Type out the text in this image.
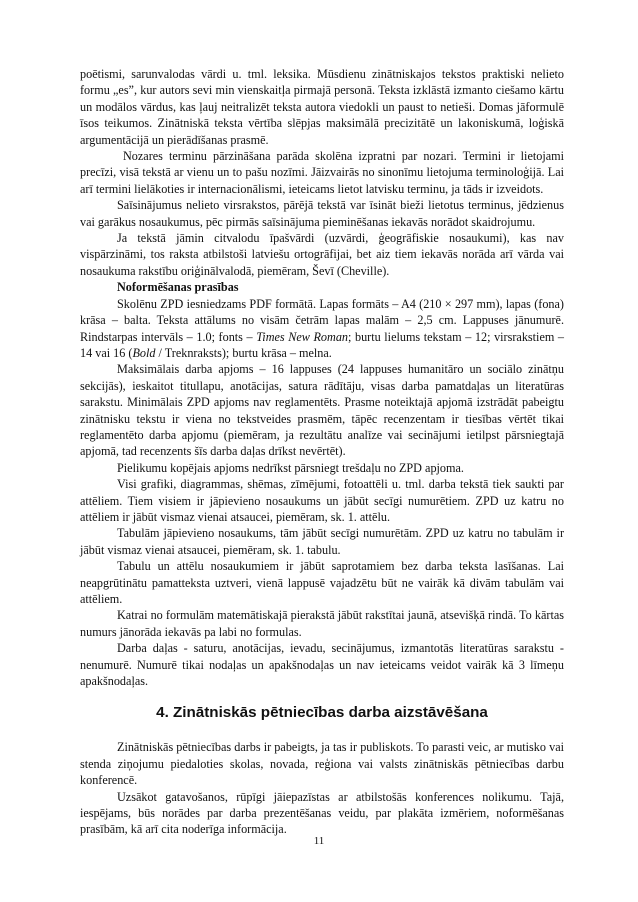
poētismi, sarunvalodas vārdi u. tml. leksika. Mūsdienu zinātniskajos tekstos praktiski nelieto formu „es”, kur autors sevi min vienskaitļa pirmajā personā. Teksta izklāstā izmanto ciešamo kārtu un modālos vārdus, kas ļauj neitralizēt teksta autora viedokli un paust to netieši. Domas jāformulē īsos teikumos. Zinātniskā teksta vērtība slēpjas maksimālā precizitātē un lakoniskumā, loģiskā argumentācijā un pierādīšanas prasmē.

Nozares terminu pārzināšana parāda skolēna izpratni par nozari. Termini ir lietojami precīzi, visā tekstā ar vienu un to pašu nozīmi. Jāizvairās no sinonīmu lietojuma terminoloģijā. Lai arī termini lielākoties ir internacionālismi, ieteicams lietot latvisku terminu, ja tāds ir izveidots.

Saīsinājumus nelieto virsrakstos, pārējā tekstā var īsināt bieži lietotus terminus, jēdzienus vai garākus nosaukumus, pēc pirmās saīsinājuma pieminēšanas iekavās norādot skaidrojumu.

Ja tekstā jāmin citvalodu īpašvārdi (uzvārdi, ģeogrāfiskie nosaukumi), kas nav vispārzināmi, tos raksta atbilstoši latviešu ortogrāfijai, bet aiz tiem iekavās norāda arī vārda vai nosaukuma rakstību oriģinālvalodā, piemēram, Ševī (Cheville).

Noformēšanas prasības

Skolēnu ZPD iesniedzams PDF formātā. Lapas formāts – A4 (210 × 297 mm), lapas (fona) krāsa – balta. Teksta attālums no visām četrām lapas malām – 2,5 cm. Lappuses jānumurē. Rindstarpas intervāls – 1.0; fonts – Times New Roman; burtu lielums tekstam – 12; virsrakstiem – 14 vai 16 (Bold / Treknraksts); burtu krāsa – melna.

Maksimālais darba apjoms – 16 lappuses (24 lappuses humanitāro un sociālo zinātņu sekcijās), ieskaitot titullapu, anotācijas, satura rādītāju, visas darba pamatdaļas un literatūras sarakstu. Minimālais ZPD apjoms nav reglamentēts. Prasme noteiktajā apjomā izstrādāt pabeigtu zinātnisku tekstu ir viena no tekstveides prasmēm, tāpēc recenzentam ir tiesības vērtēt tikai reglamentēto darba apjomu (piemēram, ja rezultātu analīze vai secinājumi ietilpst pārsniegtajā apjomā, tad recenzents šīs darba daļas drīkst nevērtēt).

Pielikumu kopējais apjoms nedrīkst pārsniegt trešdaļu no ZPD apjoma.

Visi grafiki, diagrammas, shēmas, zīmējumi, fotoattēli u. tml. darba tekstā tiek saukti par attēliem. Tiem visiem ir jāpievieno nosaukums un jābūt secīgi numurētiem. ZPD uz katru no attēliem ir jābūt vismaz vienai atsaucei, piemēram, sk. 1. attēlu.

Tabulām jāpievieno nosaukums, tām jābūt secīgi numurētām. ZPD uz katru no tabulām ir jābūt vismaz vienai atsaucei, piemēram, sk. 1. tabulu.

Tabulu un attēlu nosaukumiem ir jābūt saprotamiem bez darba teksta lasīšanas. Lai neapgrūtinātu pamatteksta uztveri, vienā lappusē vajadzētu būt ne vairāk kā divām tabulām vai attēliem.

Katrai no formulām matemātiskajā pierakstā jābūt rakstītai jaunā, atsevišķā rindā. To kārtas numurs jānorāda iekavās pa labi no formulas.

Darba daļas - saturu, anotācijas, ievadu, secinājumus, izmantotās literatūras sarakstu - nenumurē. Numurē tikai nodaļas un apakšnodaļas un nav ieteicams veidot vairāk kā 3 līmeņu apakšnodaļas.

4. Zinātniskās pētniecības darba aizstāvēšana

Zinātniskās pētniecības darbs ir pabeigts, ja tas ir publiskots. To parasti veic, ar mutisko vai stenda ziņojumu piedaloties skolas, novada, reģiona vai valsts zinātniskās pētniecības darbu konferencē.

Uzsākot gatavošanos, rūpīgi jāiepazīstas ar atbilstošās konferences nolikumu. Tajā, iespējams, būs norādes par darba prezentēšanas veidu, par plakāta izmēriem, noformēšanas prasībām, kā arī cita noderīga informācija.

11
